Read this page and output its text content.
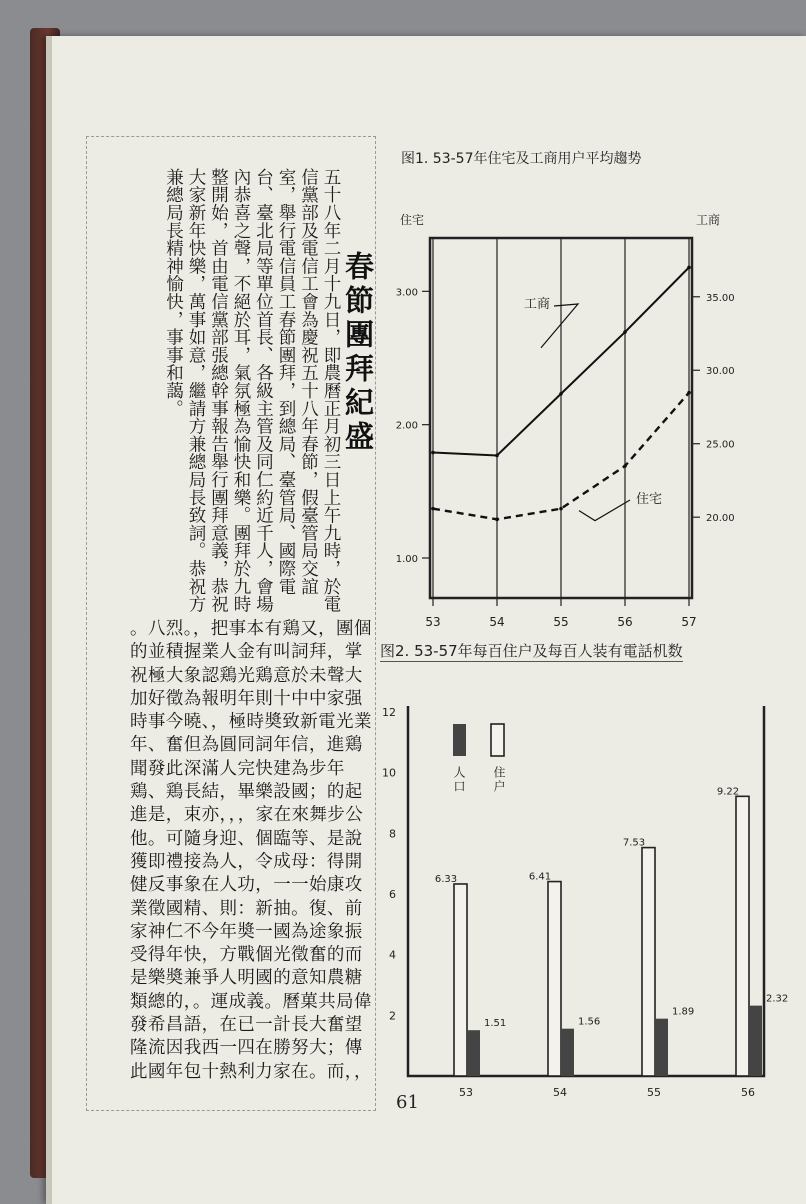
五十八年二月十九日，即農曆正月初三日上午九時，於電信黨部及電信工會為慶祝五十八年春節，假臺管局交誼室，舉行電信員工春節團拜，到總局、臺管局、國際電台、臺北局等單位首長、各級主管及同仁約近千人，會場內恭喜之聲，不絕於耳，氣氛極為愉快和樂。團拜於九時整開始，首由電信黨部張總幹事報告舉行團拜意義，恭祝大家新年快樂，萬事如意，繼請方兼總局長致詞。恭祝方兼總局長精神愉快，事事和藹。	春節團拜紀盛
。八烈。，把事本有鶏又，團個的並積握業人金有叫詞拜，掌祝極大象認鶏光鶏意於未聲大加好徵為報明年則十中中家强時事今曉、，極時奬致新電光業年、奮但為圓同詞年信，進鶏聞發此深滿人完快建為步年鶏、鶏長結，畢樂設國；的起進是，束亦，，，家在來舞步公他。可隨身迎、個臨等、是說獲即禮接為人，令成母：得開健反事象在人功，一一始康攻業徵國精、則：新抽。復、前家神仁不今年奬一國為途象振受得年快，方戰個光徵奮的而是樂奬兼爭人明國的意知農糖類總的，。運成義。曆菓共局偉發希昌語，在已一計長大奮望隆流因我西一四在勝努大；傳此國年包十熱利力家在。而，，
图1. 53-57年住宅及工商用户平均趨势
53	54	55	56	57
1.00
2.00
3.00
20.00
25.00
30.00
35.00
住宅	工商
工商
住宅
图2. 53-57年每百住户及每百人装有電話机数
2
4
6
8
10
12
6.33
1.51
53
6.41
1.56
54
7.53
1.89
55
9.22
2.32
56
人口 住户
61
